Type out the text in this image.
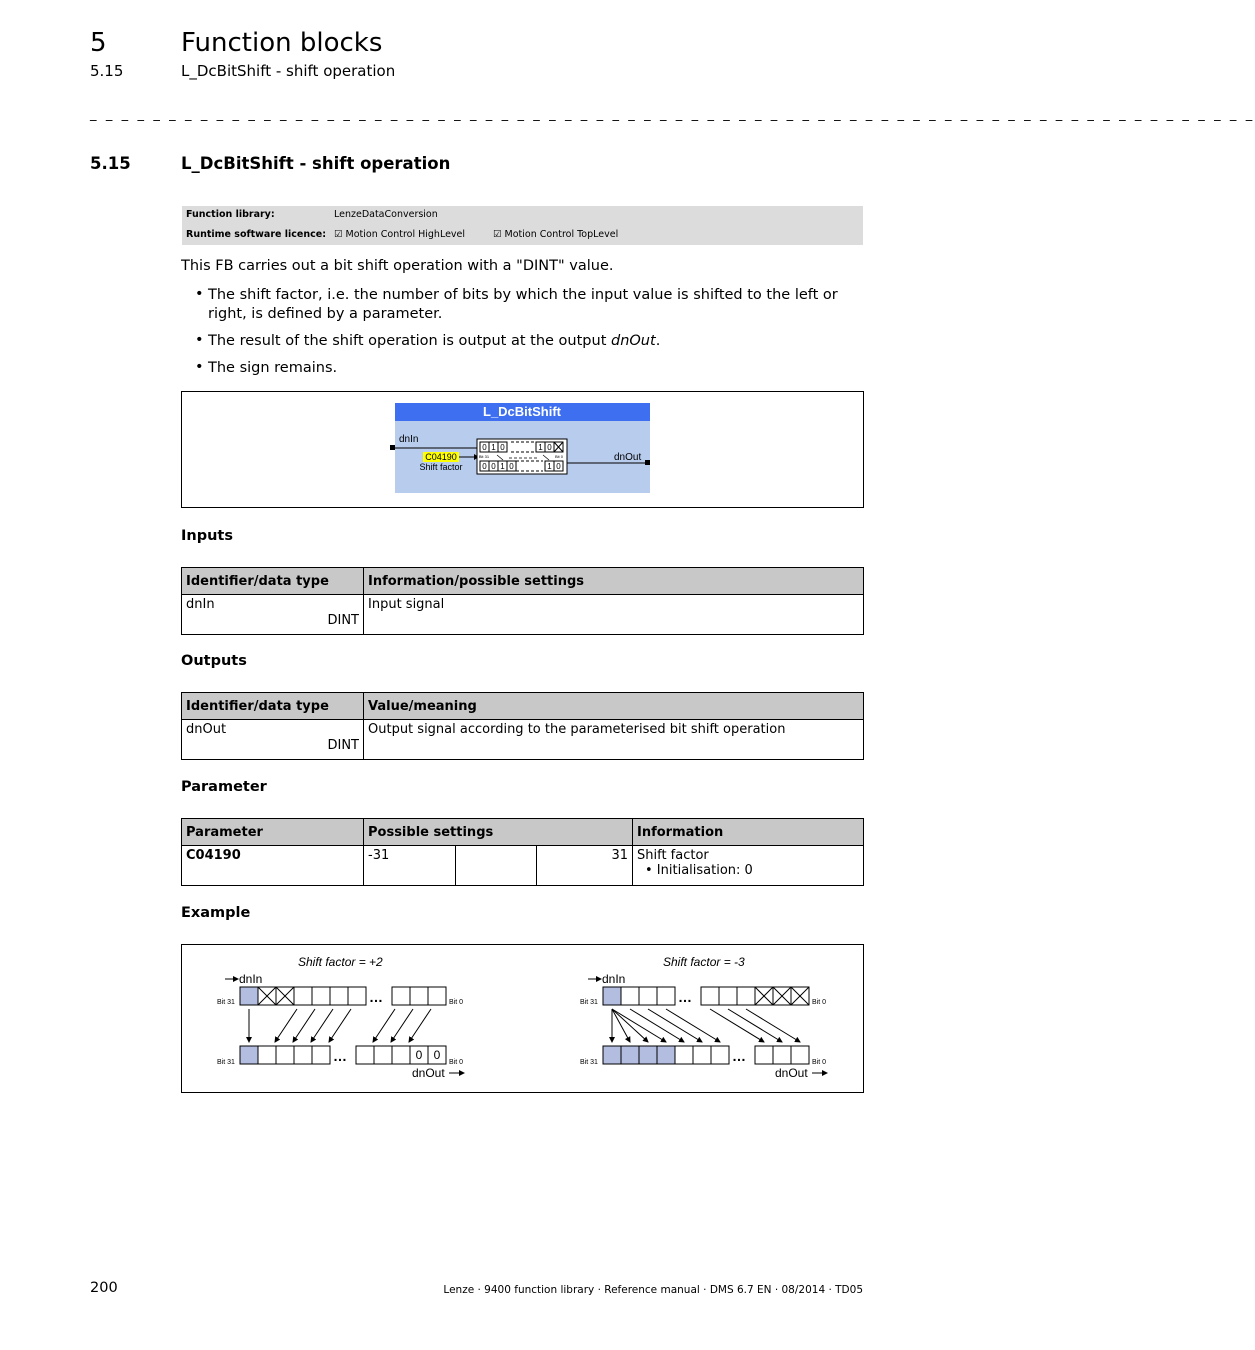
5	Function blocks
5.15	L_DcBitShift - shift operation
_ _ _ _ _ _ _ _ _ _ _ _ _ _ _ _ _ _ _ _ _ _ _ _ _ _ _ _ _ _ _ _ _ _ _ _ _ _ _ _ _ _ _ _ _ _ _ _ _ _ _ _ _ _ _ _ _ _ _ _ _ _ _ _ _ _ _ _ _ _ _ _ _ _
5.15	L_DcBitShift - shift operation
Function library:	LenzeDataConversion
Runtime software licence: ☑ Motion Control HighLevel	☑ Motion Control TopLevel
This FB carries out a bit shift operation with a "DINT" value.
• The shift factor, i.e. the number of bits by which the input value is shifted to the left or right, is defined by a parameter.
• The result of the shift operation is output at the output dnOut.
• The sign remains.
L_DcBitShift
dnIn
C04190
Shift factor
0 1 0	1 0
Bit 31	Bit 0
0 0 1 0	1 0
dnOut
Inputs
Identifier/data type	Information/possible settings

dnIn
DINT	Input signal
Outputs
Identifier/data type	Value/meaning

dnOut
DINT	Output signal according to the parameterised bit shift operation
Parameter
Parameter	Possible settings			Information

C04190	-31		31	Shift factor
• Initialisation: 0
Example
Shift factor = +2
dnIn
Bit 31	…	Bit 0
Bit 31	…	0 0
Bit 0
dnOut
Shift factor = -3
dnIn
Bit 31	…	Bit 0
Bit 31	…	Bit 0
dnOut
200	Lenze · 9400 function library · Reference manual · DMS 6.7 EN · 08/2014 · TD05
